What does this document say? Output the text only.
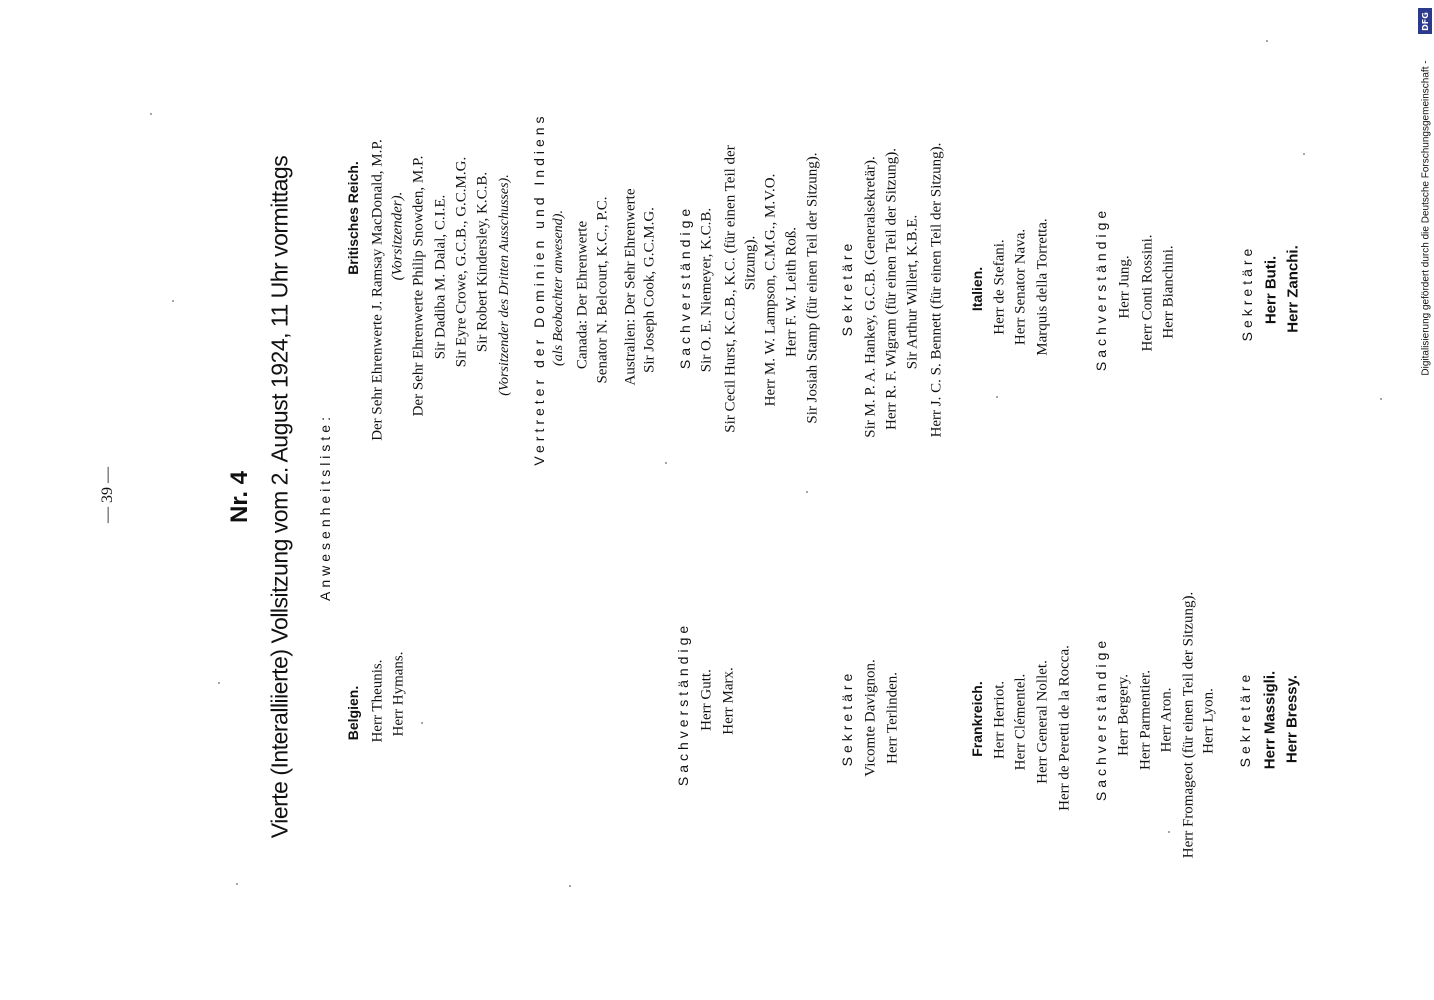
— 39 —	Nr. 4 Vierte (Interalliierte) Vollsitzung vom 2. August 1924, 11 Uhr vormittags Anwesenheitsliste:
Belgien. Herr Theunis. Herr Hymans.	Sachverständige Herr Gutt. Herr Marx.	Sekretäre Vicomte Davignon. Herr Terlinden.
Britisches Reich. Der Sehr Ehrenwerte J. Ramsay MacDonald, M.P. (Vorsitzender). Der Sehr Ehrenwerte Philip Snowden, M.P. Sir Dadiba M. Dalal, C.I.E. Sir Eyre Crowe, G.C.B., G.C.M.G. Sir Robert Kindersley, K.C.B. (Vorsitzender des Dritten Ausschusses). Vertreter der Dominien und Indiens (als Beobachter anwesend). Canada: Der Ehrenwerte Senator N. Belcourt, K.C., P.C. Australien: Der Sehr Ehrenwerte Sir Joseph Cook, G.C.M.G. Sachverständige Sir O. E. Niemeyer, K.C.B. Sir Cecil Hurst, K.C.B., K.C. (für einen Teil der Sitzung). Herr M. W. Lampson, C.M.G., M.V.O. Herr F. W. Leith Roß. Sir Josiah Stamp (für einen Teil der Sitzung). Sekretäre Sir M. P. A. Hankey, G.C.B. (Generalsekretär). Herr R. F. Wigram (für einen Teil der Sitzung). Sir Arthur Willert, K.B.E. Herr J. C. S. Bennett (für einen Teil der Sitzung).
Frankreich. Herr Herriot. Herr Clémentel. Herr General Nollet. Herr de Peretti de la Rocca. Sachverständige Herr Bergery. Herr Parmentier. Herr Aron. Herr Fromageot (für einen Teil der Sitzung). Herr Lyon. Sekretäre Herr Massigli. Herr Bressy.
Italien. Herr de Stefani. Herr Senator Nava. Marquis della Torretta.	Sachverständige Herr Jung. Herr Conti Rossini. Herr Bianchini.	Sekretäre Herr Buti. Herr Zanchi.	Digitalisierung gefördert durch die Deutsche Forschungsgemeinschaft -
DFG
